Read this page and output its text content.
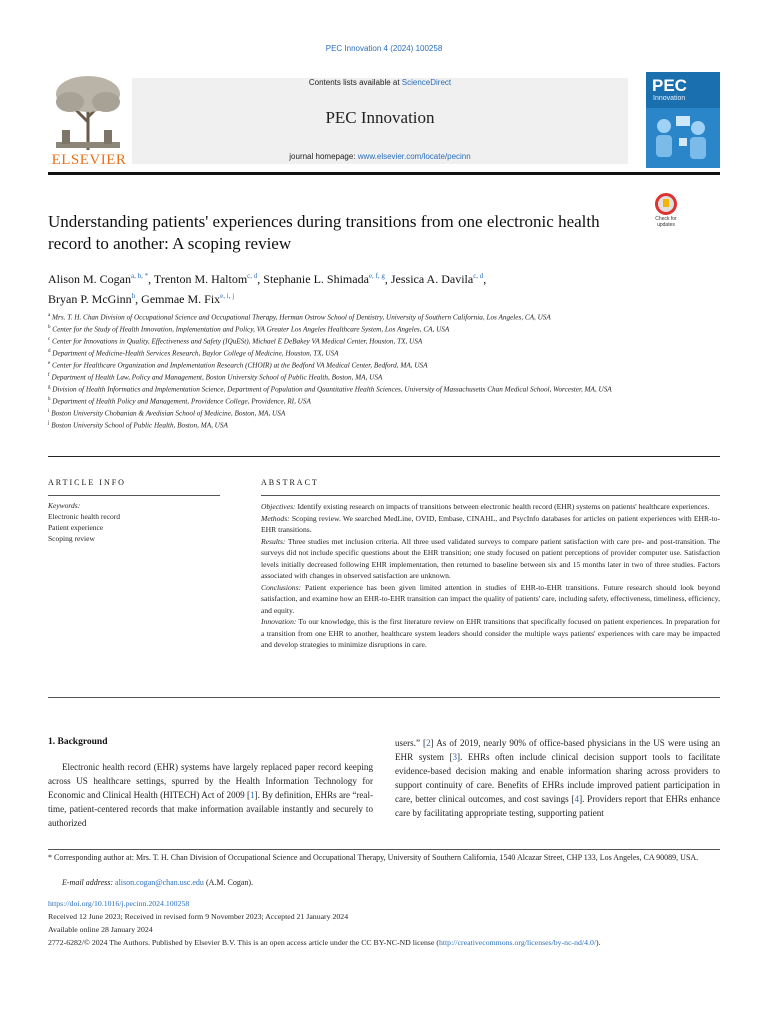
PEC Innovation 4 (2024) 100258
ELSEVIER
Contents lists available at ScienceDirect
PEC Innovation
journal homepage: www.elsevier.com/locate/pecinn
PEC
Innovation
Understanding patients' experiences during transitions from one electronic health record to another: A scoping review
Check for updates
Alison M. Cogan$^{a, b, *}$, Trenton M. Haltom$^{c, d}$, Stephanie L. Shimada$^{e, f, g}$, Jessica A. Davila$^{c, d}$,
Bryan P. McGinn$^h$, Gemmae M. Fix$^{e, i, j}$
$^a$ Mrs. T. H. Chan Division of Occupational Science and Occupational Therapy, Herman Ostrow School of Dentistry, University of Southern California, Los Angeles, CA, USA
$^b$ Center for the Study of Health Innovation, Implementation and Policy, VA Greater Los Angeles Healthcare System, Los Angeles, CA, USA
$^c$ Center for Innovations in Quality, Effectiveness and Safety (IQuESt), Michael E DeBakey VA Medical Center, Houston, TX, USA
$^d$ Department of Medicine-Health Services Research, Baylor College of Medicine, Houston, TX, USA
$^e$ Center for Healthcare Organization and Implementation Research (CHOIR) at the Bedford VA Medical Center, Bedford, MA, USA
$^f$ Department of Health Law, Policy and Management, Boston University School of Public Health, Boston, MA, USA
$^g$ Division of Health Informatics and Implementation Science, Department of Population and Quantitative Health Sciences, University of Massachusetts Chan Medical School, Worcester, MA, USA
$^h$ Department of Health Policy and Management, Providence College, Providence, RI, USA
$^i$ Boston University Chobanian & Avedisian School of Medicine, Boston, MA, USA
$^j$ Boston University School of Public Health, Boston, MA, USA
ARTICLE INFO	ABSTRACT
Keywords:
Electronic health record
Patient experience
Scoping review

Objectives: Identify existing research on impacts of transitions between electronic health record (EHR) systems on patients' healthcare experiences.

Methods: Scoping review. We searched MedLine, OVID, Embase, CINAHL, and PsycInfo databases for articles on patient experiences with EHR-to-EHR transitions.

Results: Three studies met inclusion criteria. All three used validated surveys to compare patient satisfaction with care pre- and post-transition. The surveys did not include specific questions about the EHR transition; one study focused on patient perceptions of provider computer use. Satisfaction levels initially decreased following EHR implementation, then returned to baseline between six and 15 months later in two of three studies. Factors associated with changes in observed satisfaction are unknown.

Conclusions: Patient experience has been given limited attention in studies of EHR-to-EHR transitions. Future research should look beyond satisfaction, and examine how an EHR-to-EHR transition can impact the quality of patients' care, including safety, effectiveness, timeliness, efficiency, and equity.

Innovation: To our knowledge, this is the first literature review on EHR transitions that specifically focused on patient experiences. In preparation for a transition from one EHR to another, healthcare system leaders should consider the multiple ways patients' experiences with care may be impacted and develop strategies to minimize disruptions in care.

1. Background

Electronic health record (EHR) systems have largely replaced paper record keeping across US healthcare settings, spurred by the Health Information Technology for Economic and Clinical Health (HITECH) Act of 2009 [1]. By definition, EHRs are “real-time, patient-centered records that make information available instantly and securely to authorized

users.” [2] As of 2019, nearly 90% of office-based physicians in the US were using an EHR system [3]. EHRs often include clinical decision support tools to facilitate evidence-based decision making and enable information sharing across providers to support continuity of care. Benefits of EHRs include improved patient participation in care, better clinical outcomes, and cost savings [4]. Providers report that EHRs enhance care by facilitating appropriate testing, supporting patient

* Corresponding author at: Mrs. T. H. Chan Division of Occupational Science and Occupational Therapy, University of Southern California, 1540 Alcazar Street, CHP 133, Los Angeles, CA 90089, USA.
E-mail address: alison.cogan@chan.usc.edu (A.M. Cogan).
https://doi.org/10.1016/j.pecinn.2024.100258
Received 12 June 2023; Received in revised form 9 November 2023; Accepted 21 January 2024
Available online 28 January 2024
2772-6282/© 2024 The Authors. Published by Elsevier B.V. This is an open access article under the CC BY-NC-ND license (http://creativecommons.org/licenses/by-nc-nd/4.0/).
